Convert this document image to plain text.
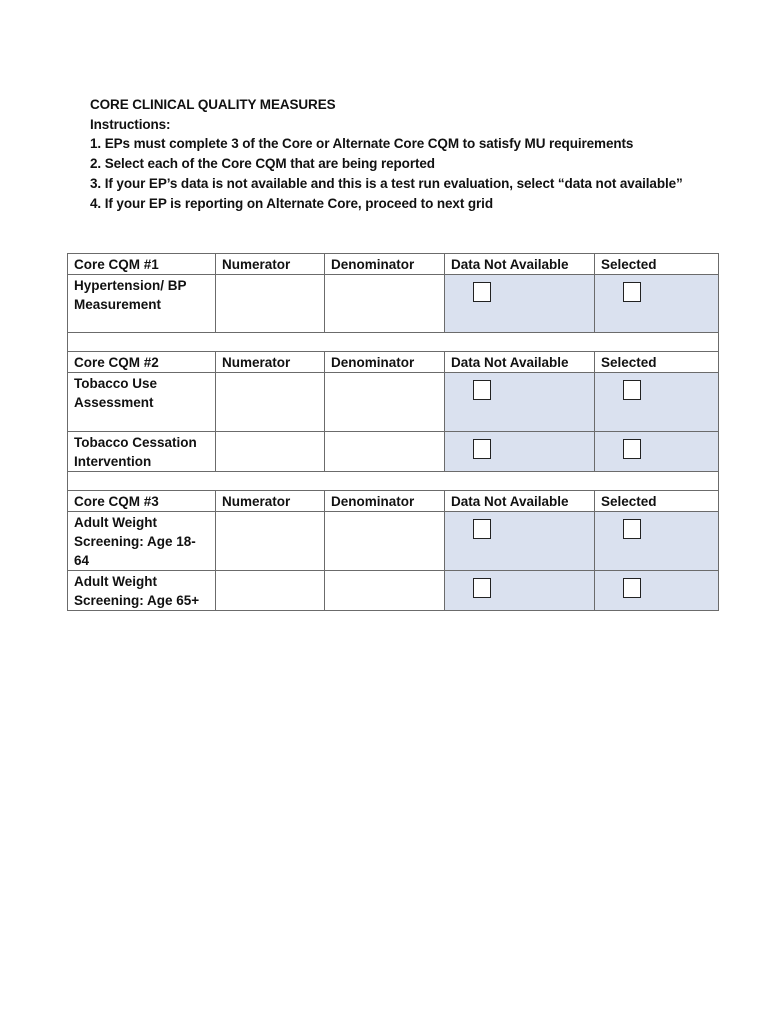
CORE CLINICAL QUALITY MEASURES
Instructions:
1. EPs must complete 3 of the Core or Alternate Core CQM to satisfy MU requirements
2. Select each of the Core CQM that are being reported
3. If your EP’s data is not available and this is a test run evaluation, select “data not available”
4. If your EP is reporting on Alternate Core, proceed to next grid
Core CQM #1	Numerator	Denominator	Data Not Available	Selected
Hypertension/ BP
Measurement			

Core CQM #2	Numerator	Denominator	Data Not Available	Selected
Tobacco Use
Assessment			

Tobacco Cessation
Intervention			

Core CQM #3	Numerator	Denominator	Data Not Available	Selected
Adult Weight
Screening: Age 18-64			

Adult Weight
Screening: Age 65+			
